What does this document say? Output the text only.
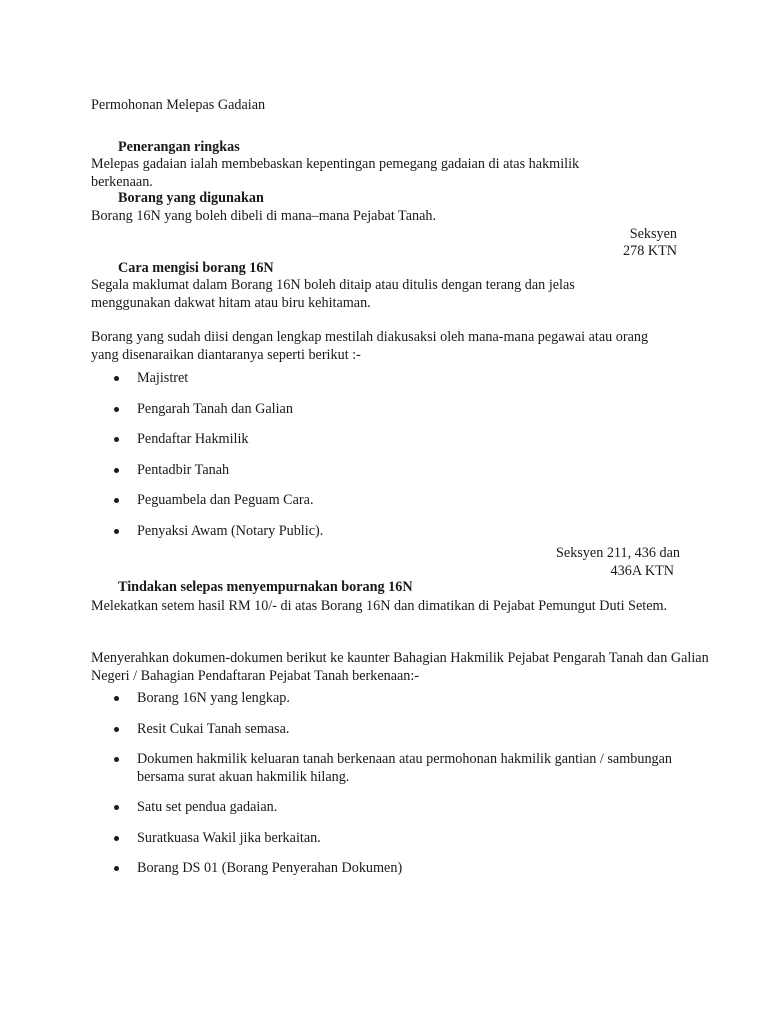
Permohonan Melepas Gadaian

Penerangan ringkas

Melepas gadaian ialah membebaskan kepentingan pemegang gadaian di atas hakmilik berkenaan.

Borang yang digunakan

Borang 16N yang boleh dibeli di mana–mana Pejabat Tanah.

Seksyen

278 KTN

Cara mengisi borang 16N

Segala maklumat dalam Borang 16N boleh ditaip atau ditulis dengan terang dan jelas menggunakan dakwat hitam atau biru kehitaman.

Borang yang sudah diisi dengan lengkap mestilah diakusaksi oleh mana-mana pegawai atau orang yang disenaraikan diantaranya seperti berikut :-

Majistret
Pengarah Tanah dan Galian
Pendaftar Hakmilik
Pentadbir Tanah
Peguambela dan Peguam Cara.
Penyaksi Awam (Notary Public).

Seksyen 211, 436 dan

436A KTN

Tindakan selepas menyempurnakan borang 16N

Melekatkan setem hasil RM 10/- di atas Borang 16N dan dimatikan di Pejabat Pemungut Duti Setem.

Menyerahkan dokumen-dokumen berikut ke kaunter Bahagian Hakmilik Pejabat Pengarah Tanah dan Galian Negeri / Bahagian Pendaftaran Pejabat Tanah berkenaan:-

Borang 16N yang lengkap.
Resit Cukai Tanah semasa.
Dokumen hakmilik keluaran tanah berkenaan atau permohonan hakmilik gantian / sambungan bersama surat akuan hakmilik hilang.
Satu set pendua gadaian.
Suratkuasa Wakil jika berkaitan.
Borang DS 01 (Borang Penyerahan Dokumen)
